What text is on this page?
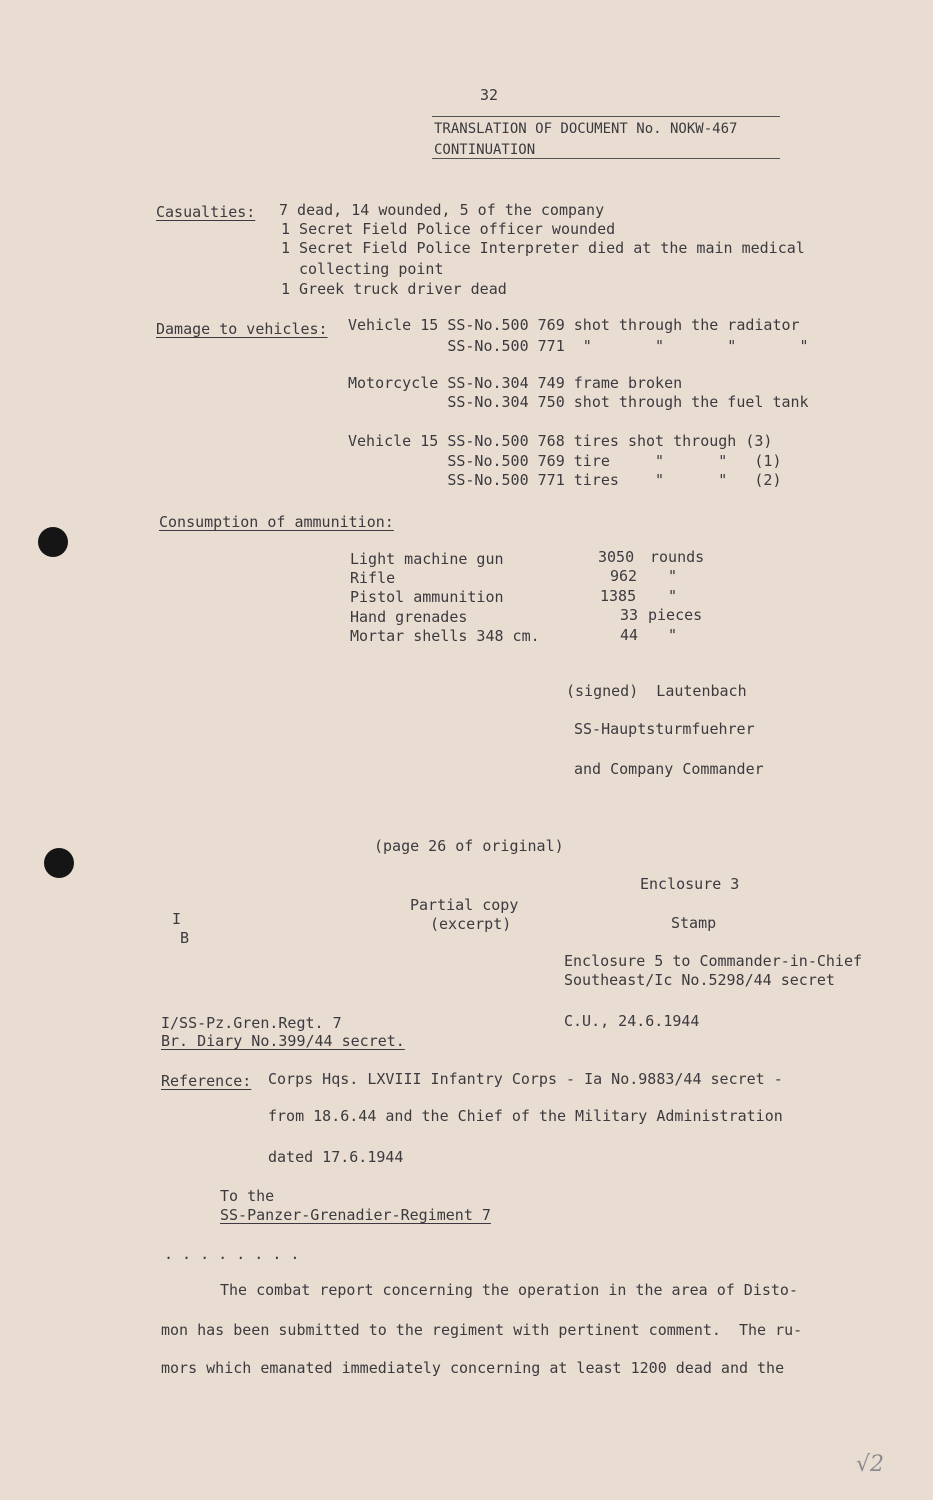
32
TRANSLATION OF DOCUMENT No. NOKW-467
CONTINUATION
Casualties: 7 dead, 14 wounded, 5 of the company
1 Secret Field Police officer wounded
1 Secret Field Police Interpreter died at the main medical
collecting point
1 Greek truck driver dead
Damage to vehicles: Vehicle 15 SS-No.500 769 shot through the radiator
SS-No.500 771  "       "       "       "
Motorcycle SS-No.304 749 frame broken
SS-No.304 750 shot through the fuel tank
Vehicle 15 SS-No.500 768 tires shot through (3)
SS-No.500 769 tire     "      "   (1)
SS-No.500 771 tires    "      "   (2)
Consumption of ammunition:
Light machine gun	3050 rounds
Rifle	962 "
Pistol ammunition	1385 "
Hand grenades	33 pieces
Mortar shells 348 cm.	44 "
(signed)  Lautenbach
SS-Hauptsturmfuehrer
and Company Commander
(page 26 of original)
Enclosure 3
I
B
Partial copy
(excerpt)	Stamp
Enclosure 5 to Commander-in-Chief
Southeast/Ic No.5298/44 secret
I/SS-Pz.Gren.Regt. 7
Br. Diary No.399/44 secret.
C.U., 24.6.1944
Reference: Corps Hqs. LXVIII Infantry Corps - Ia No.9883/44 secret -
from 18.6.44 and the Chief of the Military Administration
dated 17.6.1944
To the
SS-Panzer-Grenadier-Regiment 7
. . . . . . . .
The combat report concerning the operation in the area of Disto-
mon has been submitted to the regiment with pertinent comment.  The ru-
mors which emanated immediately concerning at least 1200 dead and the
√2
